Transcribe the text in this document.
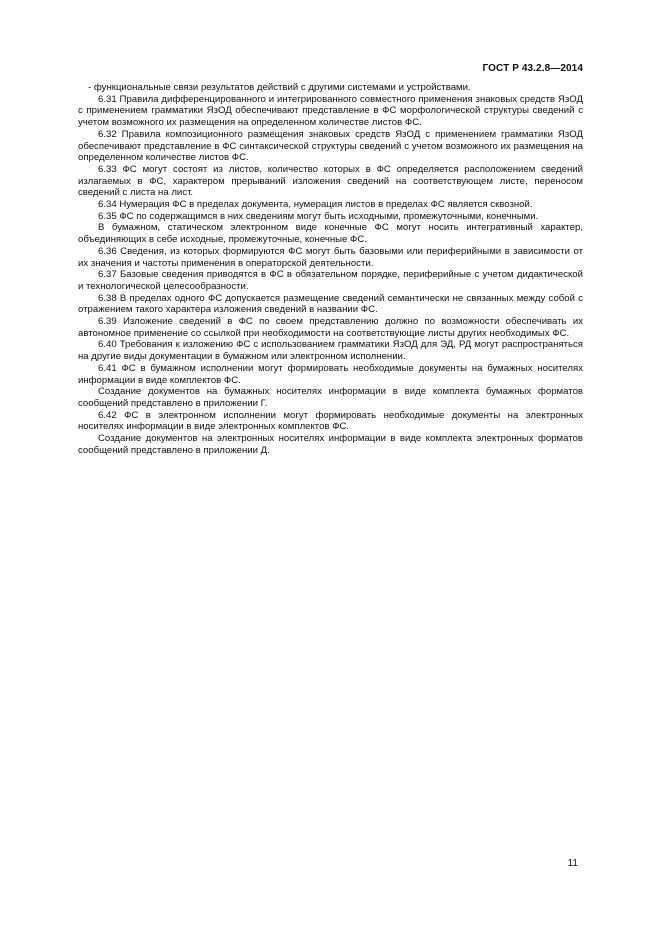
ГОСТ Р 43.2.8—2014

- функциональные связи результатов действий с другими системами и устройствами.

6.31 Правила дифференцированного и интегрированного совместного применения знаковых средств ЯзОД с применением грамматики ЯзОД обеспечивают представление в ФС морфологической структуры сведений с учетом возможного их размещения на определенном количестве листов ФС.

6.32 Правила композиционного размещения знаковых средств ЯзОД с применением грамматики ЯзОД обеспечивают представление в ФС синтаксической структуры сведений с учетом возможного их размещения на определенном количестве листов ФС.

6.33 ФС могут состоят из листов, количество которых в ФС определяется расположением сведений излагаемых в ФС, характером прерываний изложения сведений на соответствующем листе, переносом сведений с листа на лист.

6.34 Нумерация ФС в пределах документа, нумерация листов в пределах ФС является сквозной.

6.35 ФС по содержащимся в них сведениям могут быть исходными, промежуточными, конечными.

В бумажном, статическом электронном виде конечные ФС могут носить интегративный характер, объединяющих в себе исходные, промежуточные, конечные ФС.

6.36 Сведения, из которых формируются ФС могут быть базовыми или периферийными в зависимости от их значения и частоты применения в операторской деятельности.

6.37 Базовые сведения приводятся в ФС в обязательном порядке, периферийные с учетом дидактической и технологической целесообразности.

6.38 В пределах одного ФС допускается размещение сведений семантически не связанных между собой с отражением такого характера изложения сведений в названии ФС.

6.39 Изложение сведений в ФС по своем представлению должно по возможности обеспечивать их автономное применение со ссылкой при необходимости на соответствующие листы других необходимых ФС.

6.40 Требования к изложению ФС с использованием грамматики ЯзОД для ЭД, РД могут распространяться на другие виды документации в бумажном или электронном исполнении.

6.41 ФС в бумажном исполнении могут формировать необходимые документы на бумажных носителях информации в виде комплектов ФС.

Создание документов на бумажных носителях информации в виде комплекта бумажных форматов сообщений представлено в приложении Г.

6.42 ФС в электронном исполнении могут формировать необходимые документы на электронных носителях информации в виде электронных комплектов ФС.

Создание документов на электронных носителях информации в виде комплекта электронных форматов сообщений представлено в приложении Д.

11
